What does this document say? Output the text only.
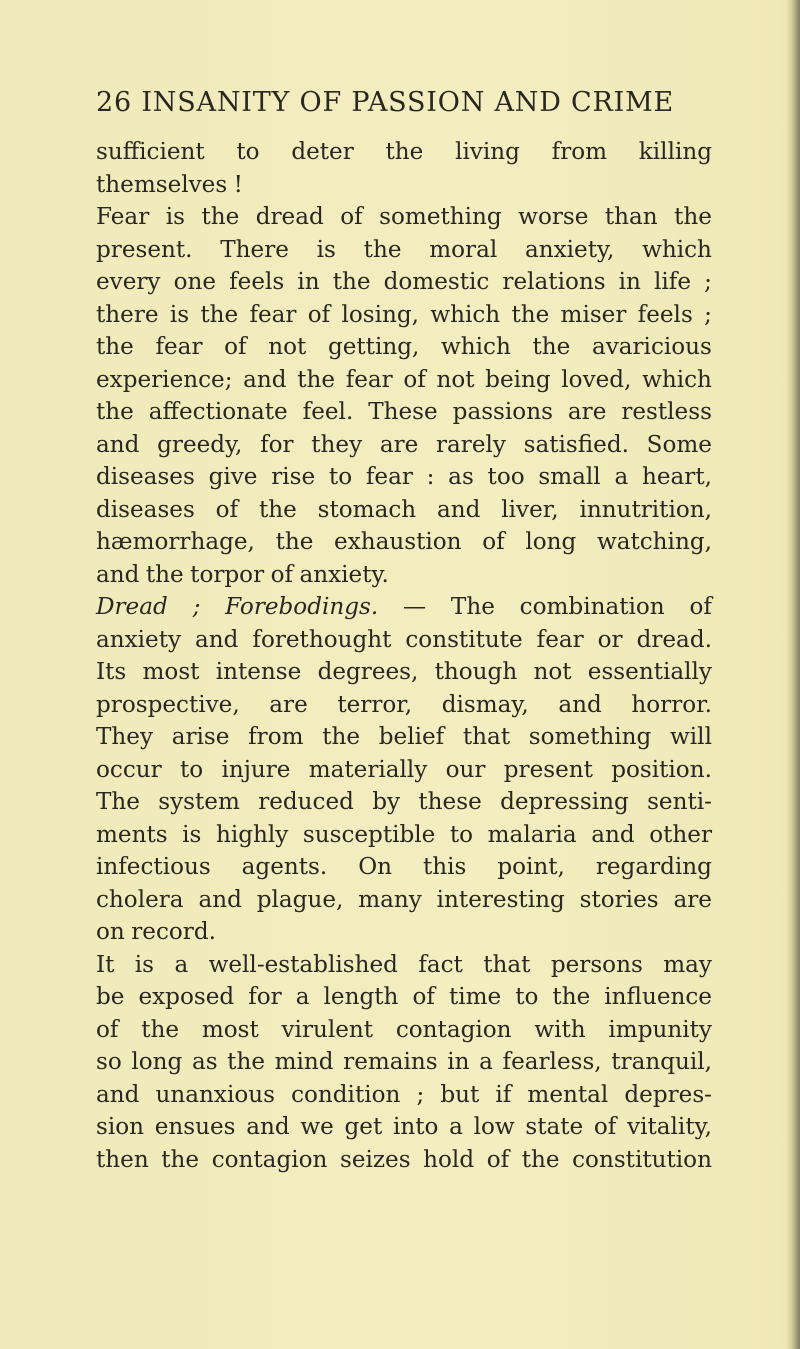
26 INSANITY OF PASSION AND CRIME
sufficient to deter the living from killing
themselves !
Fear is the dread of something worse than the
present. There is the moral anxiety, which
every one feels in the domestic relations in life ;
there is the fear of losing, which the miser feels ;
the fear of not getting, which the avaricious
experience; and the fear of not being loved, which
the affectionate feel. These passions are restless
and greedy, for they are rarely satisfied. Some
diseases give rise to fear : as too small a heart,
diseases of the stomach and liver, innutrition,
hæmorrhage, the exhaustion of long watching,
and the torpor of anxiety.
Dread ; Forebodings. — The combination of
anxiety and forethought constitute fear or dread.
Its most intense degrees, though not essentially
prospective, are terror, dismay, and horror.
They arise from the belief that something will
occur to injure materially our present position.
The system reduced by these depressing senti-
ments is highly susceptible to malaria and other
infectious agents. On this point, regarding
cholera and plague, many interesting stories are
on record.
It is a well-established fact that persons may
be exposed for a length of time to the influence
of the most virulent contagion with impunity
so long as the mind remains in a fearless, tranquil,
and unanxious condition ; but if mental depres-
sion ensues and we get into a low state of vitality,
then the contagion seizes hold of the constitution
